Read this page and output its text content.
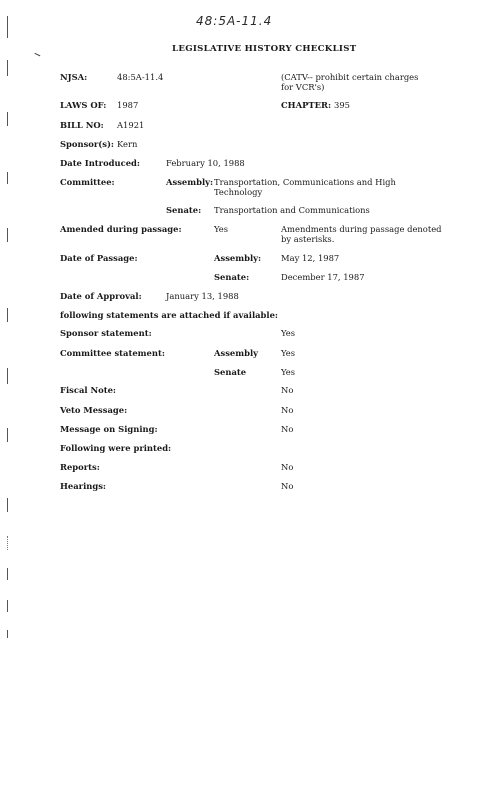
48:5A-11.4
LEGISLATIVE HISTORY CHECKLIST
NJSA:	48:5A-11.4	(CATV-- prohibit certain charges
for VCR's)
LAWS OF: 1987	CHAPTER: 395
BILL NO: A1921
Sponsor(s): Kern
Date Introduced:	February 10, 1988
Committee:	Assembly: Transportation, Communications and High
Technology
Senate: Transportation and Communications
Amended during passage:	Yes	Amendments during passage denoted
by asterisks.
Date of Passage:	Assembly: May 12, 1987
Senate:	December 17, 1987
Date of Approval:	January 13, 1988
following statements are attached if available:
Sponsor statement:	Yes
Committee statement:	Assembly	Yes
Senate	Yes
Fiscal Note:	No
Veto Message:	No
Message on Signing:	No
Following were printed:
Reports:	No
Hearings:	No
